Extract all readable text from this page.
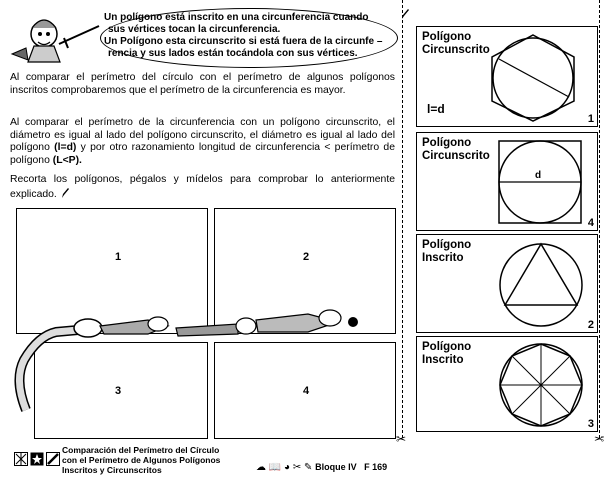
Un polígono está inscrito en una circunferencia cuando
sus vértices tocan la circunferencia.
Un Polígono esta circunscrito si está fuera de la circunfe –
rencia y sus lados están tocándola con sus vértices.
Al comparar el perímetro del círculo con el perímetro de algunos polígonos inscritos comprobaremos que el perímetro de la circunferencia es mayor.
Al comparar el perímetro de la circunferencia con un polígono circunscrito, el diámetro es igual al lado del polígono circunscrito, el diámetro es igual al lado del polígono (l=d) y por otro razonamiento longitud de circunferencia < perímetro de polígono (L<P).
Recorta los polígonos, pégalos y mídelos para comprobar lo anteriormente explicado.
1	2
3	4
Polígono
Circunscrito
l=d
1
Polígono
Circunscrito
d
4
Polígono
Inscrito
2
Polígono
Inscrito
3
✂	✂
Comparación del Perímetro del Círculo
con el Perímetro de Algunos Polígonos
Inscritos y Circunscritos	☁ 📖 ◕ ✂ ✎ Bloque IV F 169
